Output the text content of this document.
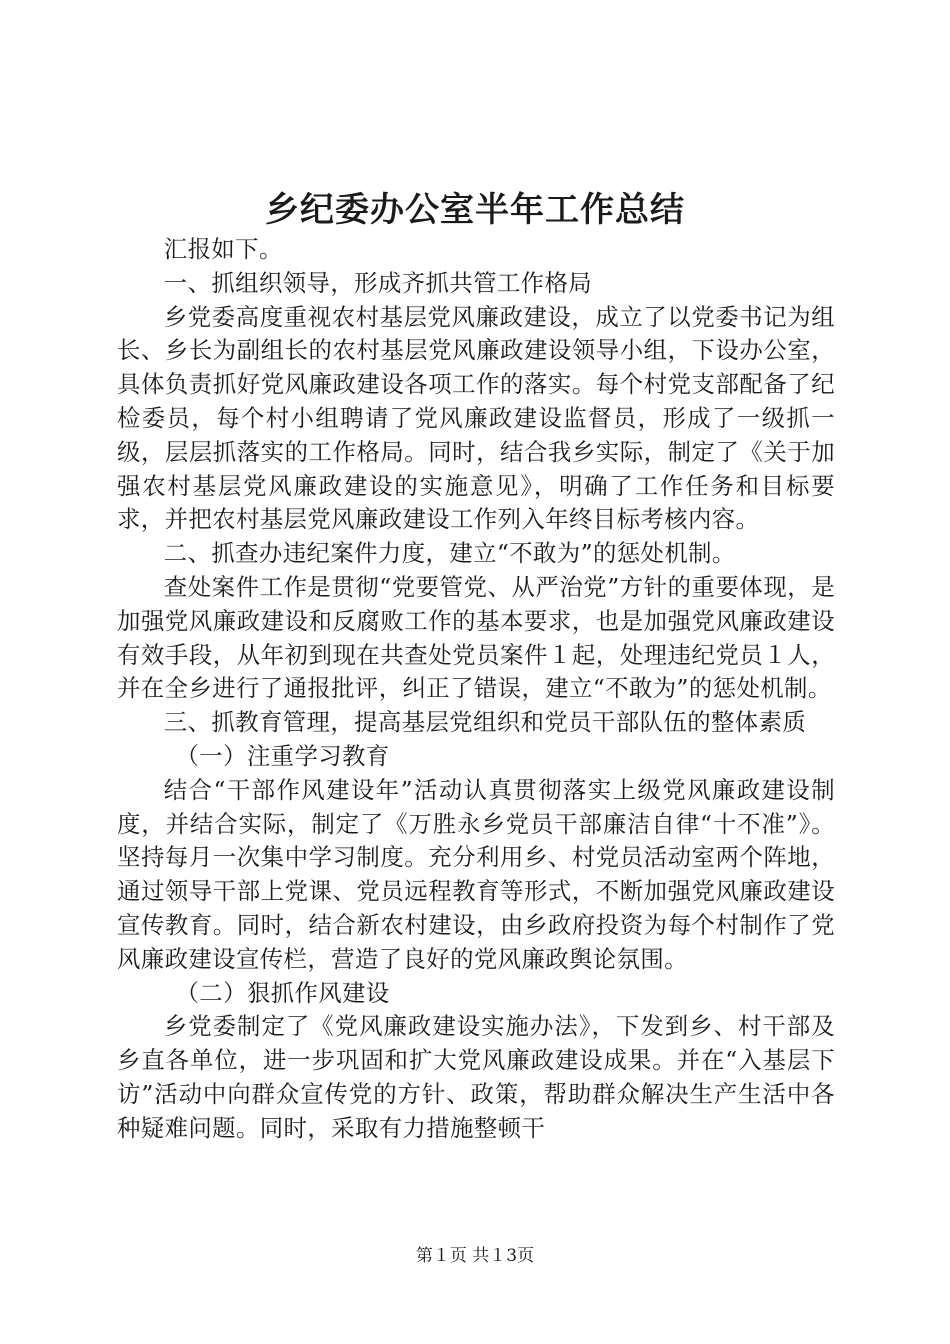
乡纪委办公室半年工作总结

汇报如下。

一、抓组织领导，形成齐抓共管工作格局

乡党委高度重视农村基层党风廉政建设，成立了以党委书记为组长、乡长为副组长的农村基层党风廉政建设领导小组，下设办公室，具体负责抓好党风廉政建设各项工作的落实。每个村党支部配备了纪检委员，每个村小组聘请了党风廉政建设监督员，形成了一级抓一级，层层抓落实的工作格局。同时，结合我乡实际，制定了《关于加强农村基层党风廉政建设的实施意见》，明确了工作任务和目标要求，并把农村基层党风廉政建设工作列入年终目标考核内容。

二、抓查办违纪案件力度，建立“不敢为”的惩处机制。

查处案件工作是贯彻“党要管党、从严治党”方针的重要体现，是加强党风廉政建设和反腐败工作的基本要求，也是加强党风廉政建设有效手段，从年初到现在共查处党员案件１起，处理违纪党员１人，并在全乡进行了通报批评，纠正了错误，建立“不敢为”的惩处机制。

三、抓教育管理，提高基层党组织和党员干部队伍的整体素质

（一）注重学习教育

结合“干部作风建设年”活动认真贯彻落实上级党风廉政建设制度，并结合实际，制定了《万胜永乡党员干部廉洁自律“十不准”》。坚持每月一次集中学习制度。充分利用乡、村党员活动室两个阵地，通过领导干部上党课、党员远程教育等形式，不断加强党风廉政建设宣传教育。同时，结合新农村建设，由乡政府投资为每个村制作了党风廉政建设宣传栏，营造了良好的党风廉政舆论氛围。

（二）狠抓作风建设

乡党委制定了《党风廉政建设实施办法》，下发到乡、村干部及乡直各单位，进一步巩固和扩大党风廉政建设成果。并在“入基层下访”活动中向群众宣传党的方针、政策，帮助群众解决生产生活中各种疑难问题。同时，采取有力措施整顿干

第１页 共１3页
